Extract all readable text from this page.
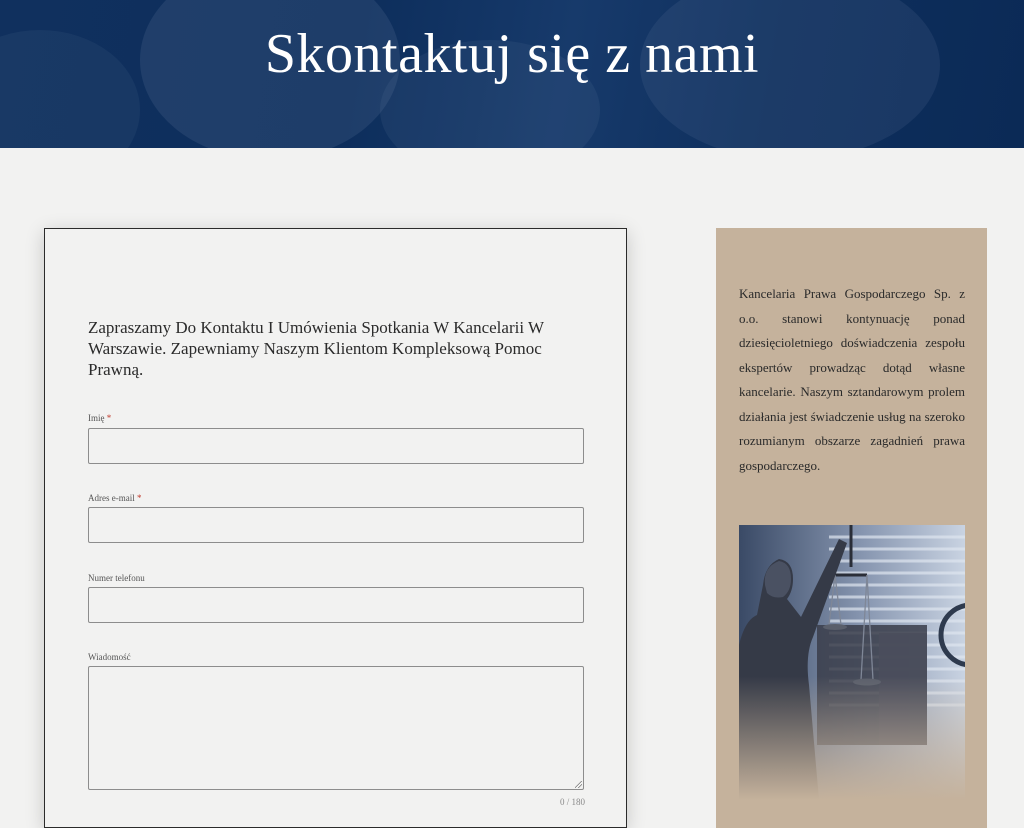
Skontaktuj się z nami
Zapraszamy Do Kontaktu I Umówienia Spotkania W Kancelarii W Warszawie. Zapewniamy Naszym Klientom Kompleksową Pomoc Prawną.
Imię *
Adres e-mail *
Numer telefonu
Wiadomość
0 / 180

Kancelaria Prawa Gospodarczego Sp. z o.o. stanowi kontynuację ponad dziesięcioletniego doświadczenia zespołu ekspertów prowadząc dotąd własne kancelarie. Naszym sztandarowym prolem działania jest świadczenie usług na szeroko rozumianym obszarze zagadnień prawa gospodarczego.
